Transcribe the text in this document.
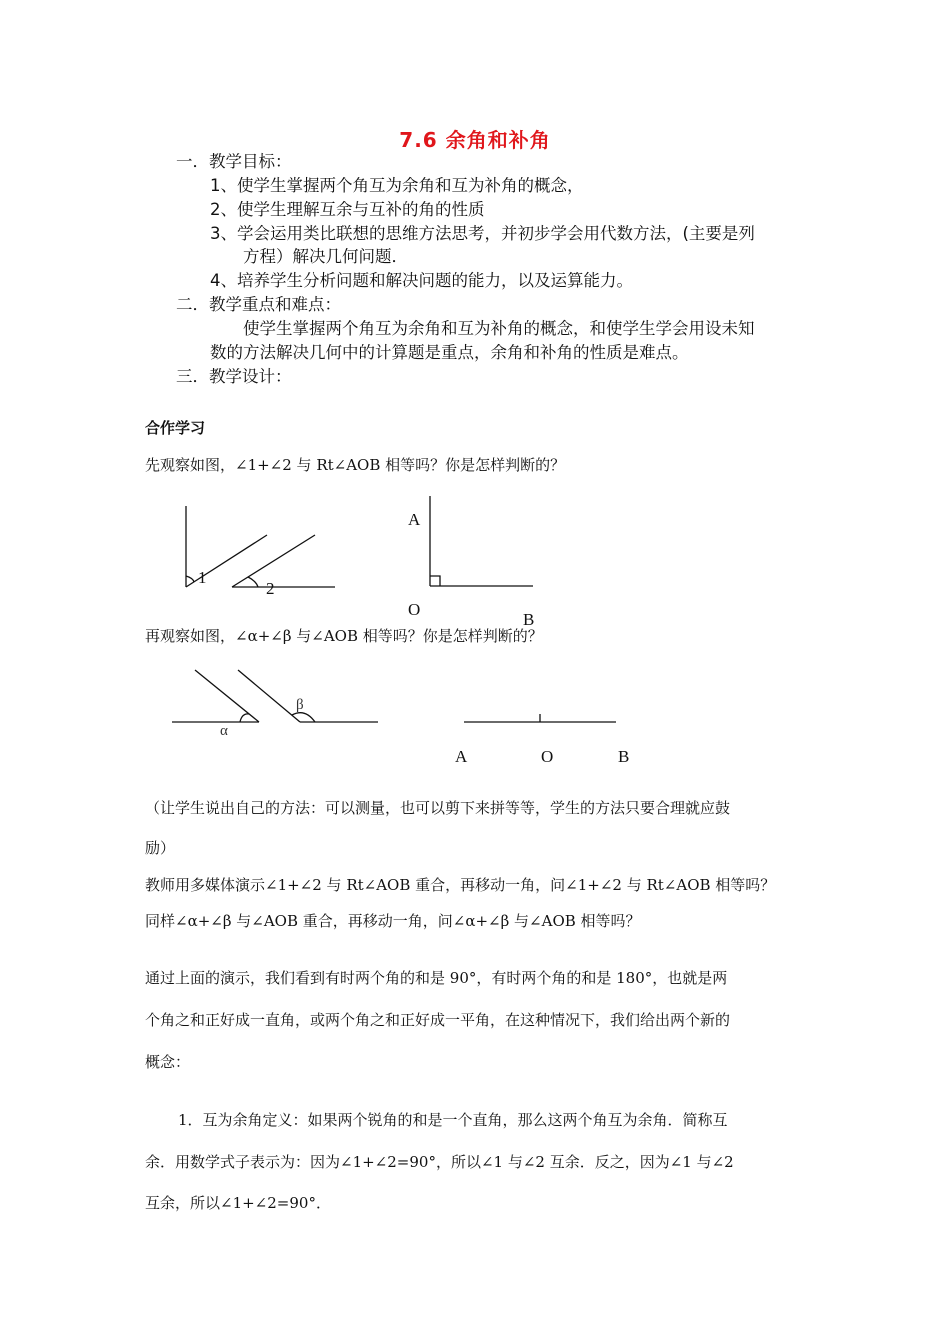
7.6 余角和补角
一．教学目标：
1、使学生掌握两个角互为余角和互为补角的概念，
2、使学生理解互余与互补的角的性质
3、学会运用类比联想的思维方法思考，并初步学会用代数方法，(主要是列
方程）解决几何问题．
4、培养学生分析问题和解决问题的能力，以及运算能力。
二．教学重点和难点：
使学生掌握两个角互为余角和互为补角的概念，和使学生学会用设未知
数的方法解决几何中的计算题是重点，余角和补角的性质是难点。
三．教学设计：
合作学习
先观察如图，∠1+∠2 与 Rt∠AOB 相等吗？你是怎样判断的？
1
2
A
O
B
再观察如图，∠α+∠β 与∠AOB 相等吗？你是怎样判断的？
α
β
A	O	B
（让学生说出自己的方法：可以测量，也可以剪下来拼等等，学生的方法只要合理就应鼓
励）
教师用多媒体演示∠1+∠2 与 Rt∠AOB 重合，再移动一角，问∠1+∠2 与 Rt∠AOB 相等吗？
同样∠α+∠β 与∠AOB 重合，再移动一角，问∠α+∠β 与∠AOB 相等吗？
通过上面的演示，我们看到有时两个角的和是 90°，有时两个角的和是 180°，也就是两
个角之和正好成一直角，或两个角之和正好成一平角，在这种情况下，我们给出两个新的
概念：
1．互为余角定义：如果两个锐角的和是一个直角，那么这两个角互为余角．简称互
余．用数学式子表示为：因为∠1+∠2=90°，所以∠1 与∠2 互余．反之，因为∠1 与∠2
互余，所以∠1+∠2=90°．
